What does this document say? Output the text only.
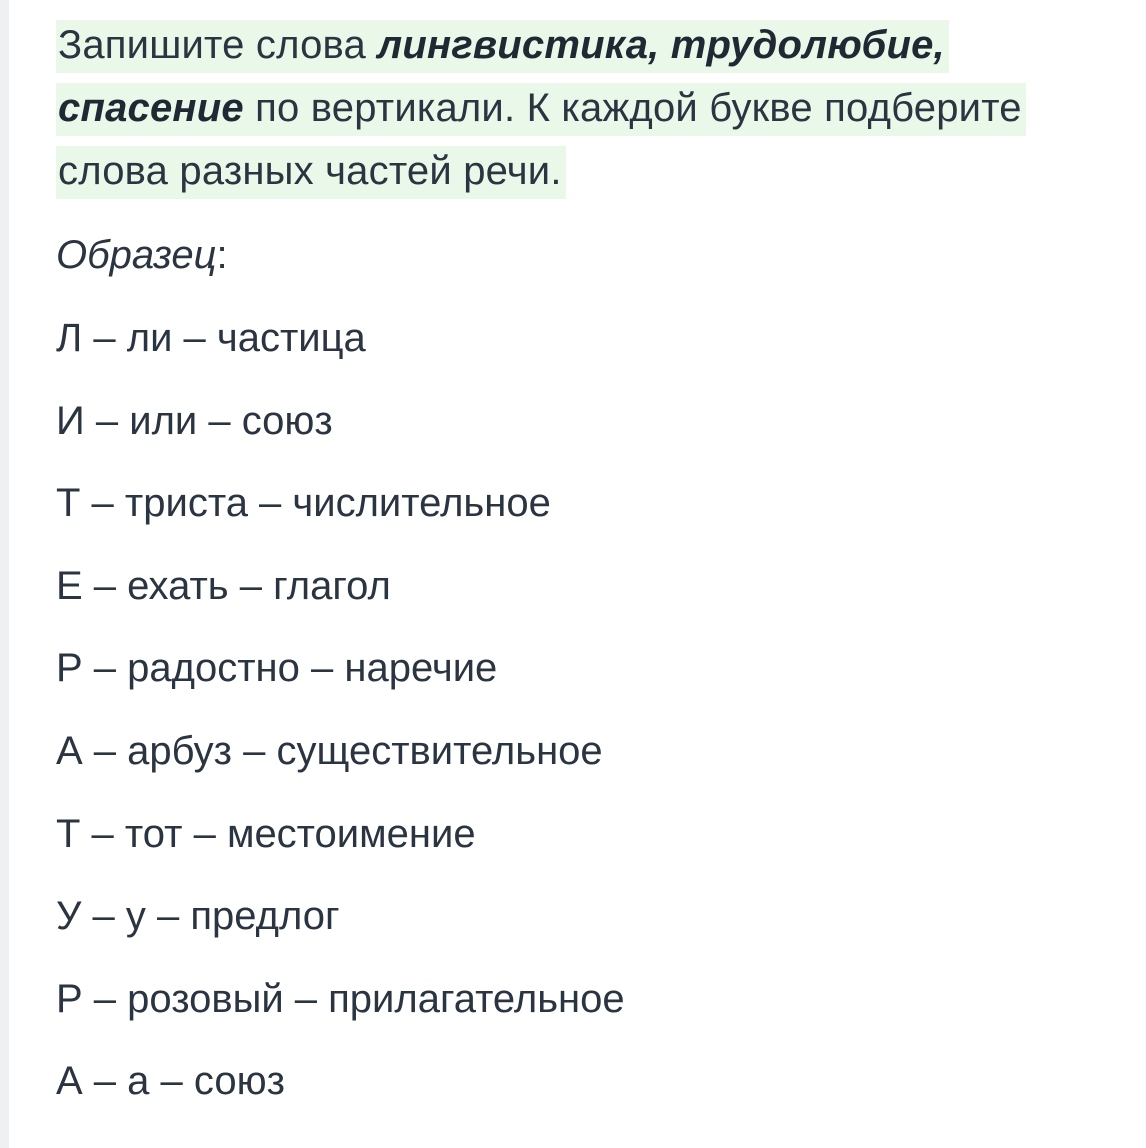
Запишите слова лингвистика, трудолюбие, спасение по вертикали. К каждой букве подберите слова разных частей речи.

Образец:

Л – ли – частица
И – или – союз
Т – триста – числительное
Е – ехать – глагол
Р – радостно – наречие
А – арбуз – существительное
Т – тот – местоимение
У – у – предлог
Р – розовый – прилагательное
А – а – союз
